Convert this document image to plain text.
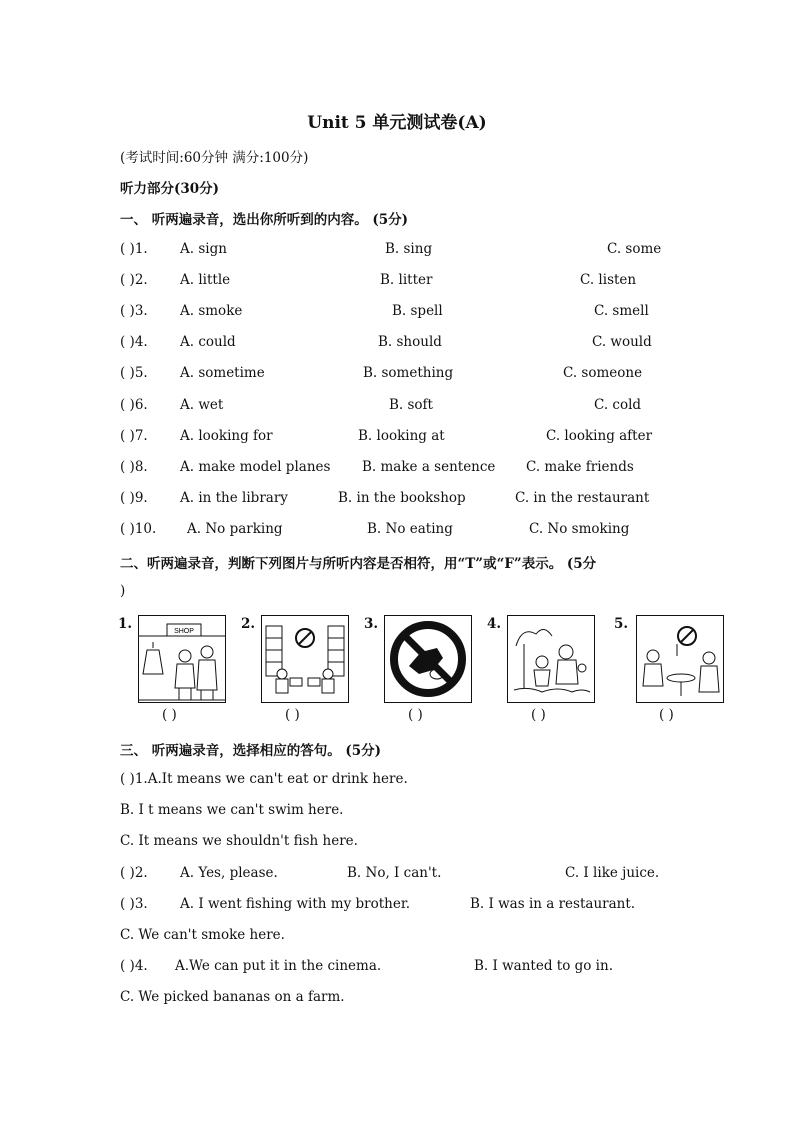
Unit 5 单元测试卷(A)
(考试时间:60分钟 满分:100分)
听力部分(30分)
一、 听两遍录音，选出你所听到的内容。 (5分)
( )1. A. sign	B. sing	C. some
( )2. A. little	B. litter	C. listen
( )3. A. smoke	B. spell	C. smell
( )4. A. could	B. should	C. would
( )5. A. sometime	B. something	C. someone
( )6. A. wet	B. soft	C. cold
( )7. A. looking for	B. looking at	C. looking after
( )8. A. make model planes B. make a sentence C. make friends
( )9. A. in the library	B. in the bookshop	C. in the restaurant
( )10. A. No parking	B. No eating	C. No smoking
二、听两遍录音，判断下列图片与所听内容是否相符，用“T”或“F”表示。 (5分
)
1.	SHOP
( )
2.
( )
3.
( )
4.
( )
5.
( )
三、 听两遍录音，选择相应的答句。 (5分)
( )1.A.It means we can't eat or drink here.
B. I t means we can't swim here.
C. It means we shouldn't fish here.
( )2. A. Yes, please.	B. No, I can't.	C. I like juice.
( )3. A. I went fishing with my brother.	B. I was in a restaurant.
C. We can't smoke here.
( )4. A.We can put it in the cinema.	B. I wanted to go in.
C. We picked bananas on a farm.
